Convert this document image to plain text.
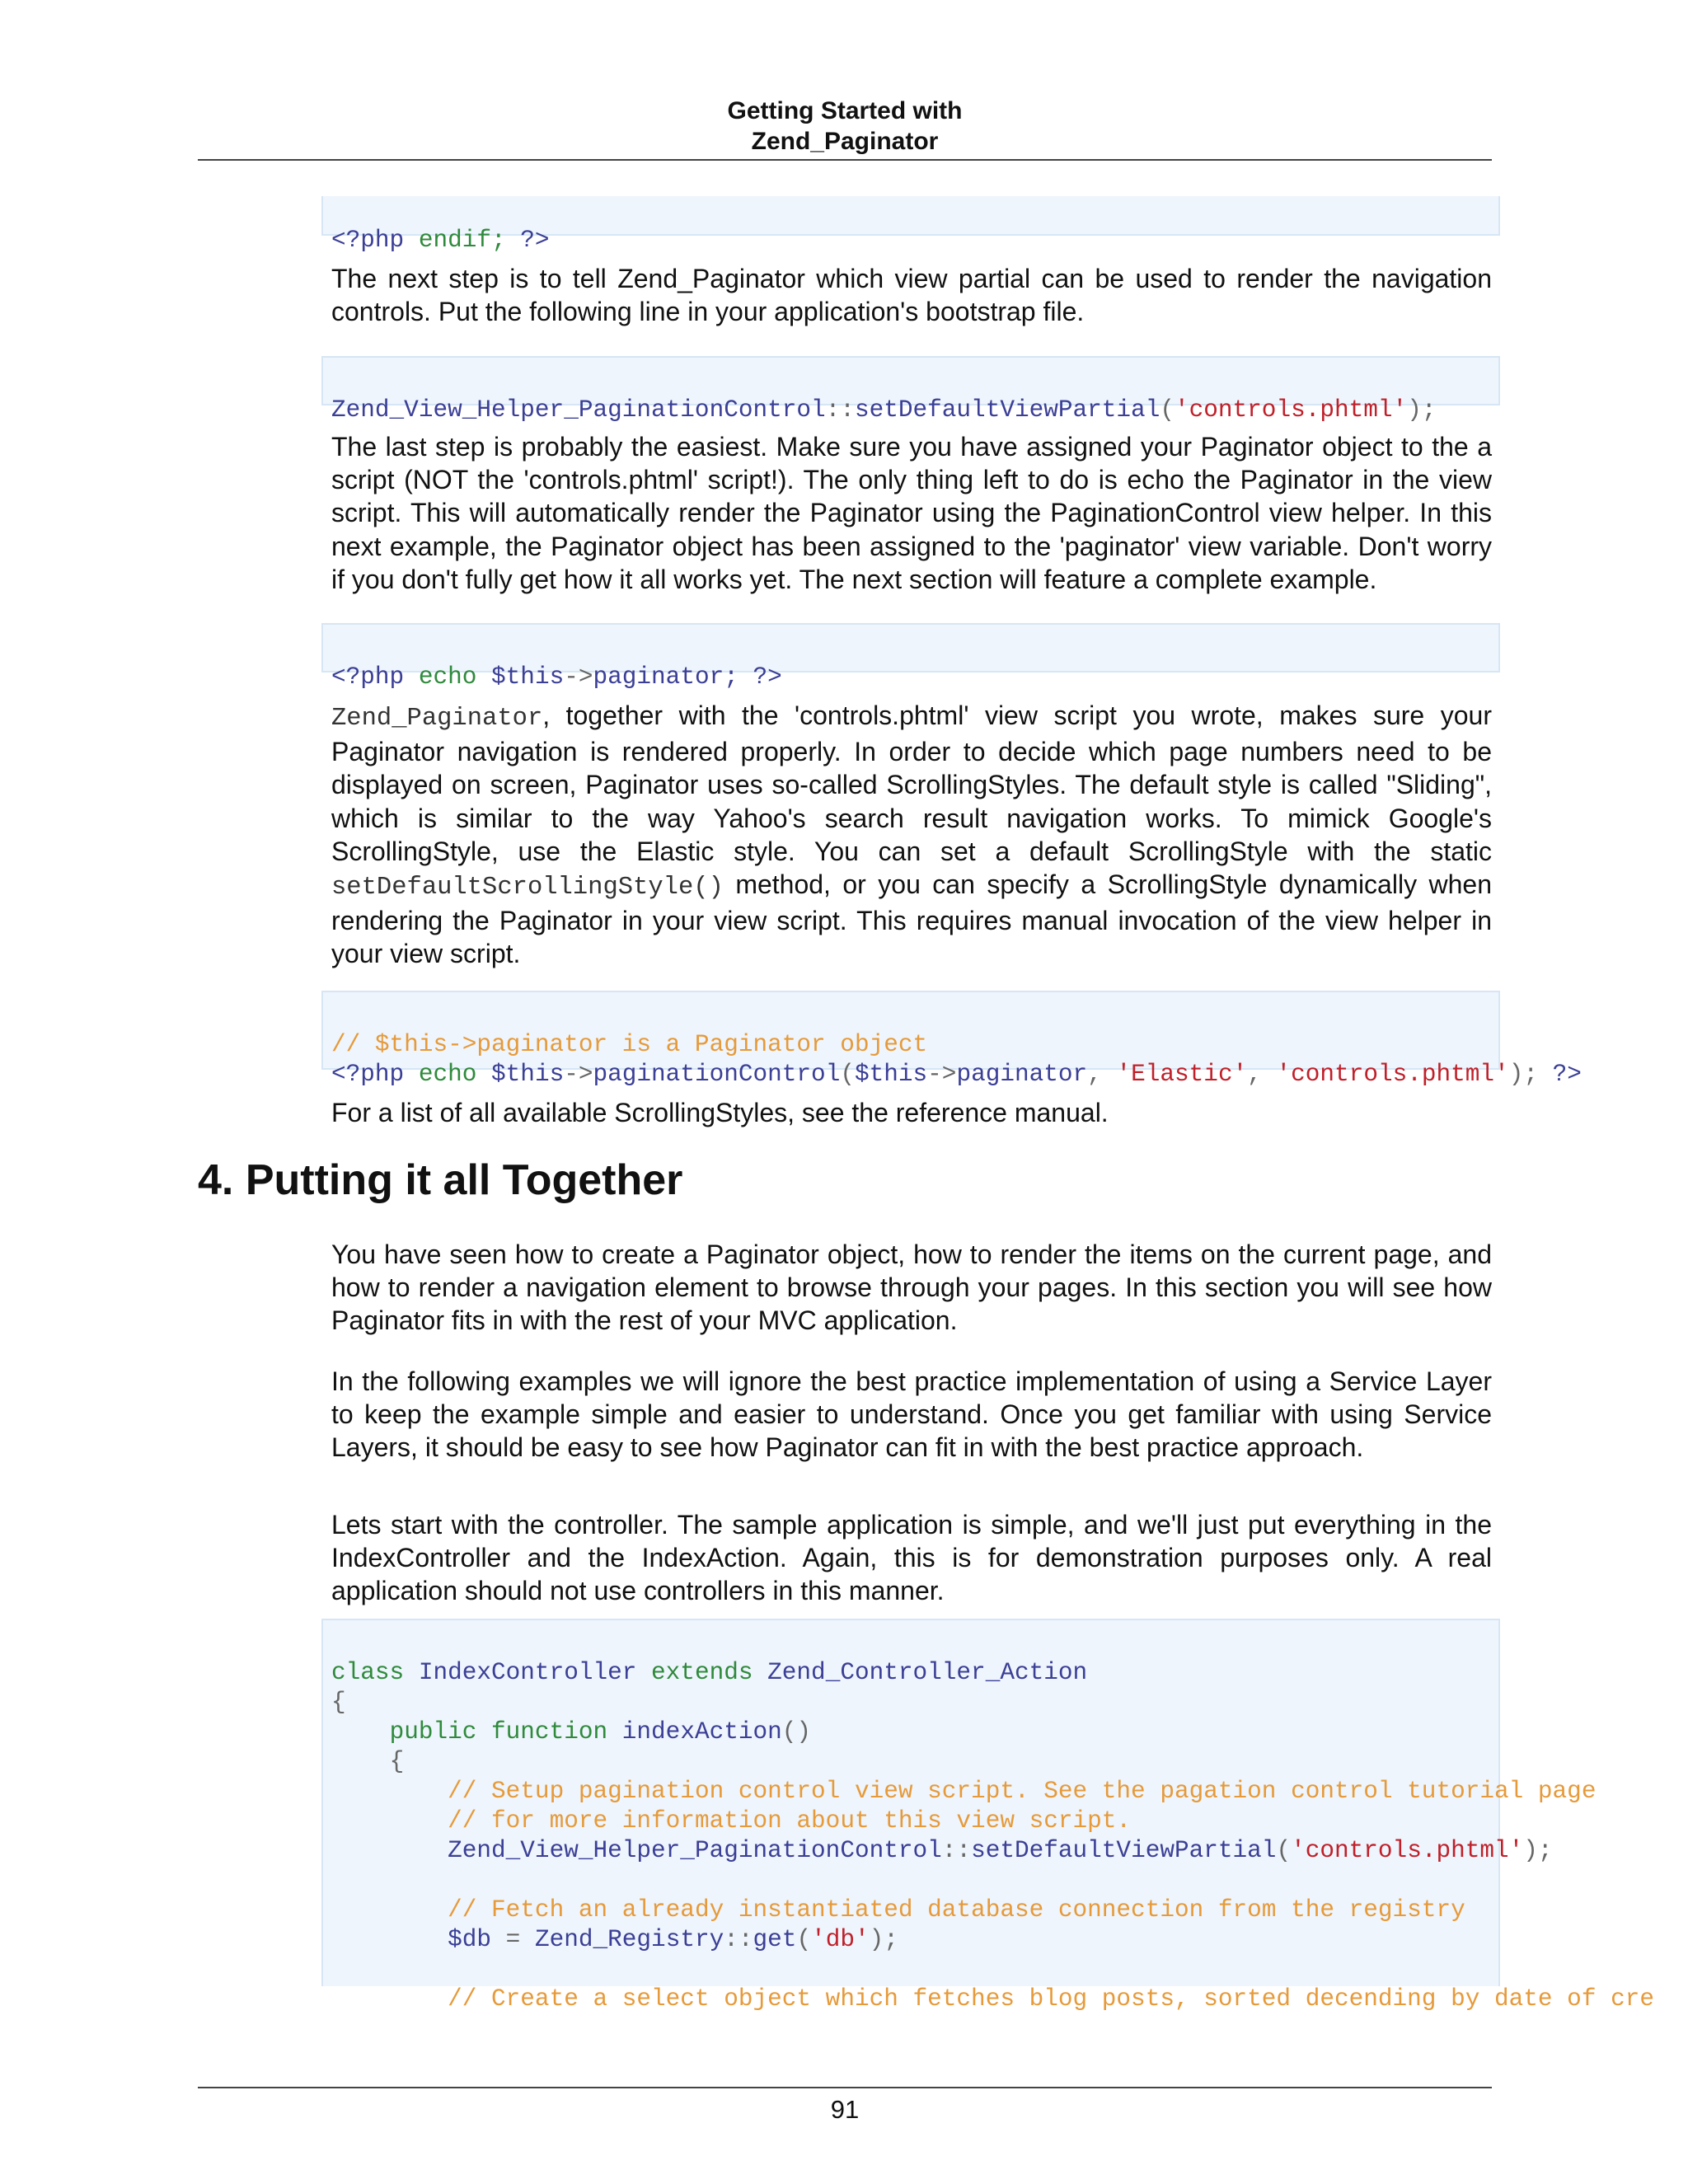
Getting Started with
Zend_Paginator

<?php endif; ?>
The next step is to tell Zend_Paginator which view partial can be used to render the navigation controls. Put the following line in your application's bootstrap file.

Zend_View_Helper_PaginationControl::setDefaultViewPartial('controls.phtml');
The last step is probably the easiest. Make sure you have assigned your Paginator object to the a script (NOT the 'controls.phtml' script!). The only thing left to do is echo the Paginator in the view script. This will automatically render the Paginator using the PaginationControl view helper. In this next example, the Paginator object has been assigned to the 'paginator' view variable. Don't worry if you don't fully get how it all works yet. The next section will feature a complete example.

<?php echo $this->paginator; ?>
Zend_Paginator, together with the 'controls.phtml' view script you wrote, makes sure your Paginator navigation is rendered properly. In order to decide which page numbers need to be displayed on screen, Paginator uses so-called ScrollingStyles. The default style is called "Sliding", which is similar to the way Yahoo's search result navigation works. To mimick Google's ScrollingStyle, use the Elastic style. You can set a default ScrollingStyle with the static setDefaultScrollingStyle() method, or you can specify a ScrollingStyle dynamically when rendering the Paginator in your view script. This requires manual invocation of the view helper in your view script.

// $this->paginator is a Paginator object
<?php echo $this->paginationControl($this->paginator, 'Elastic', 'controls.phtml'); ?>
For a list of all available ScrollingStyles, see the reference manual.
4. Putting it all Together
You have seen how to create a Paginator object, how to render the items on the current page, and how to render a navigation element to browse through your pages. In this section you will see how Paginator fits in with the rest of your MVC application.
In the following examples we will ignore the best practice implementation of using a Service Layer to keep the example simple and easier to understand. Once you get familiar with using Service Layers, it should be easy to see how Paginator can fit in with the best practice approach.
Lets start with the controller. The sample application is simple, and we'll just put everything in the IndexController and the IndexAction. Again, this is for demonstration purposes only. A real application should not use controllers in this manner.

class IndexController extends Zend_Controller_Action
{
public function indexAction()
{
// Setup pagination control view script. See the pagation control tutorial page
// for more information about this view script.
Zend_View_Helper_PaginationControl::setDefaultViewPartial('controls.phtml');
// Fetch an already instantiated database connection from the registry
$db = Zend_Registry::get('db');
// Create a select object which fetches blog posts, sorted decending by date of cre
91
